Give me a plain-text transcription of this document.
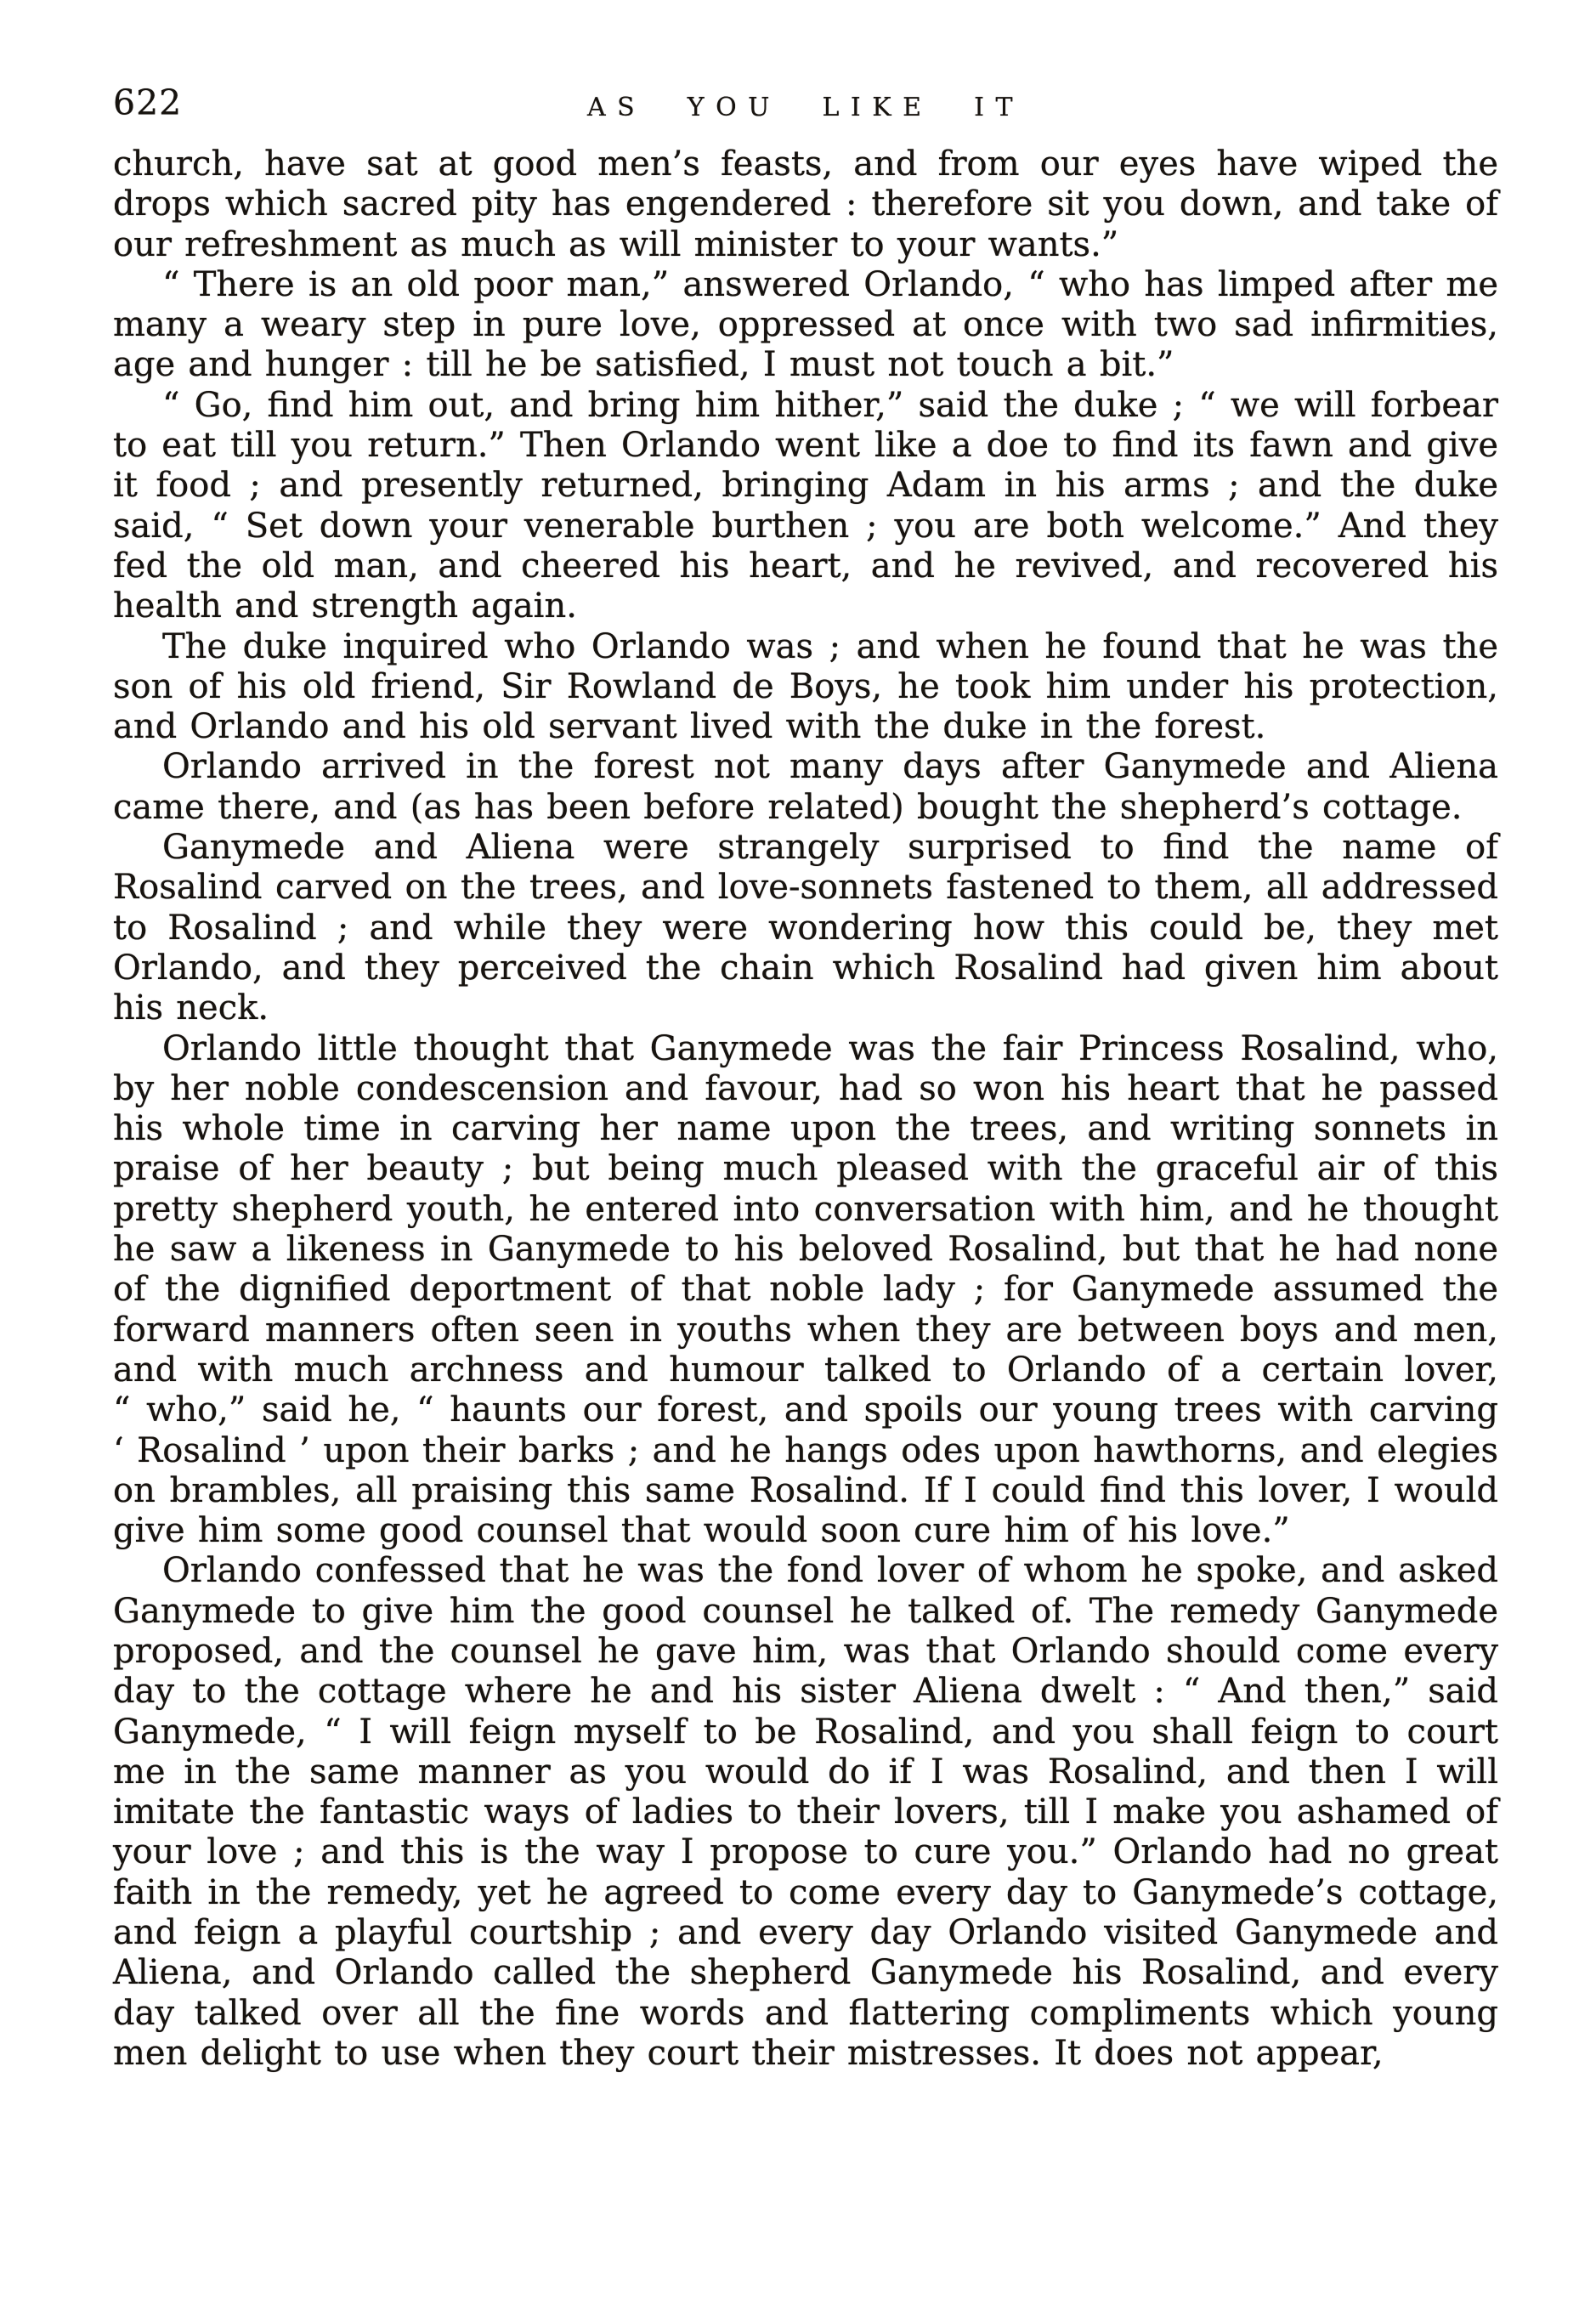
622	AS YOU LIKE IT

church, have sat at good men’s feasts, and from our eyes have wiped the drops which sacred pity has engendered : therefore sit you down, and take of our refreshment as much as will minister to your wants.”

“ There is an old poor man,” answered Orlando, “ who has limped after me many a weary step in pure love, oppressed at once with two sad infirmities, age and hunger : till he be satisfied, I must not touch a bit.”

“ Go, find him out, and bring him hither,” said the duke ; “ we will forbear to eat till you return.” Then Orlando went like a doe to find its fawn and give it food ; and presently returned, bringing Adam in his arms ; and the duke said, “ Set down your venerable burthen ; you are both welcome.” And they fed the old man, and cheered his heart, and he revived, and recovered his health and strength again.

The duke inquired who Orlando was ; and when he found that he was the son of his old friend, Sir Rowland de Boys, he took him under his protection, and Orlando and his old servant lived with the duke in the forest.

Orlando arrived in the forest not many days after Ganymede and Aliena came there, and (as has been before related) bought the shepherd’s cottage.

Ganymede and Aliena were strangely surprised to find the name of Rosalind carved on the trees, and love-sonnets fastened to them, all addressed to Rosalind ; and while they were wondering how this could be, they met Orlando, and they perceived the chain which Rosalind had given him about his neck.

Orlando little thought that Ganymede was the fair Princess Rosalind, who, by her noble condescension and favour, had so won his heart that he passed his whole time in carving her name upon the trees, and writing sonnets in praise of her beauty ; but being much pleased with the graceful air of this pretty shepherd youth, he entered into conversation with him, and he thought he saw a likeness in Ganymede to his beloved Rosalind, but that he had none of the dignified deportment of that noble lady ; for Ganymede assumed the forward manners often seen in youths when they are between boys and men, and with much archness and humour talked to Orlando of a certain lover, “ who,” said he, “ haunts our forest, and spoils our young trees with carving ‘ Rosalind ’ upon their barks ; and he hangs odes upon hawthorns, and elegies on brambles, all praising this same Rosalind. If I could find this lover, I would give him some good counsel that would soon cure him of his love.”

Orlando confessed that he was the fond lover of whom he spoke, and asked Ganymede to give him the good counsel he talked of. The remedy Ganymede proposed, and the counsel he gave him, was that Orlando should come every day to the cottage where he and his sister Aliena dwelt : “ And then,” said Ganymede, “ I will feign myself to be Rosalind, and you shall feign to court me in the same manner as you would do if I was Rosalind, and then I will imitate the fantastic ways of ladies to their lovers, till I make you ashamed of your love ; and this is the way I propose to cure you.” Orlando had no great faith in the remedy, yet he agreed to come every day to Ganymede’s cottage, and feign a playful courtship ; and every day Orlando visited Ganymede and Aliena, and Orlando called the shepherd Ganymede his Rosalind, and every day talked over all the fine words and flattering compliments which young men delight to use when they court their mistresses. It does not appear,
